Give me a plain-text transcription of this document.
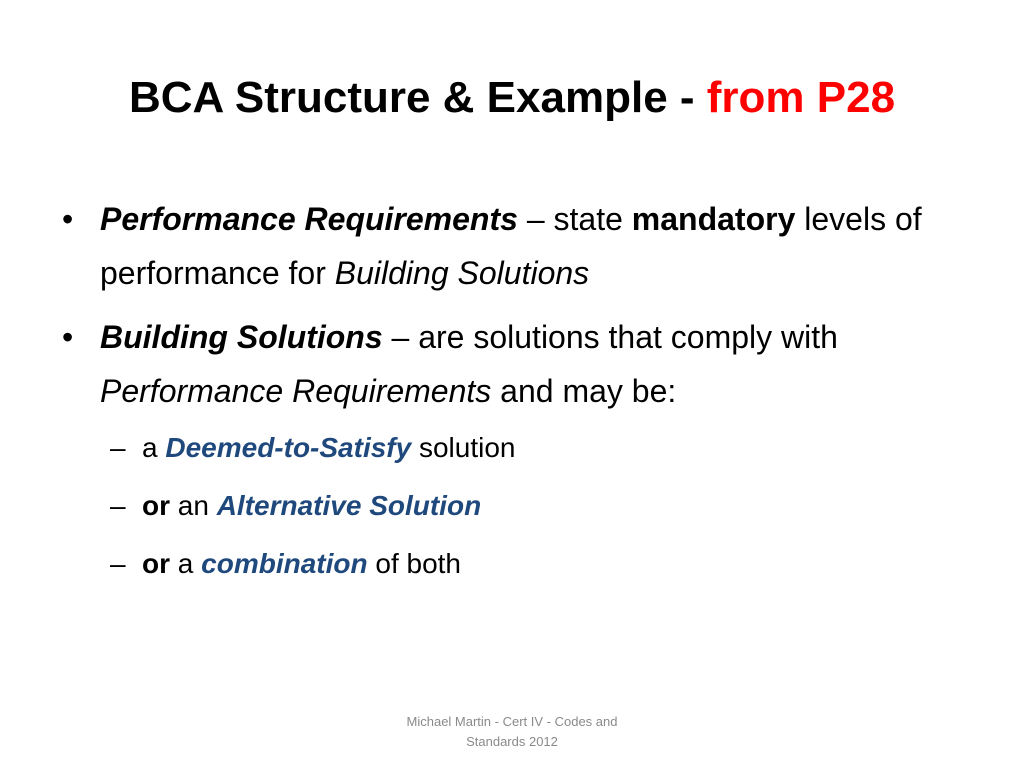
BCA Structure & Example - from P28
• Performance Requirements – state mandatory levels of performance for Building Solutions
• Building Solutions – are solutions that comply with Performance Requirements and may be:
– a Deemed-to-Satisfy solution
– or an Alternative Solution
– or a combination of both
Michael Martin - Cert IV - Codes and
Standards 2012
